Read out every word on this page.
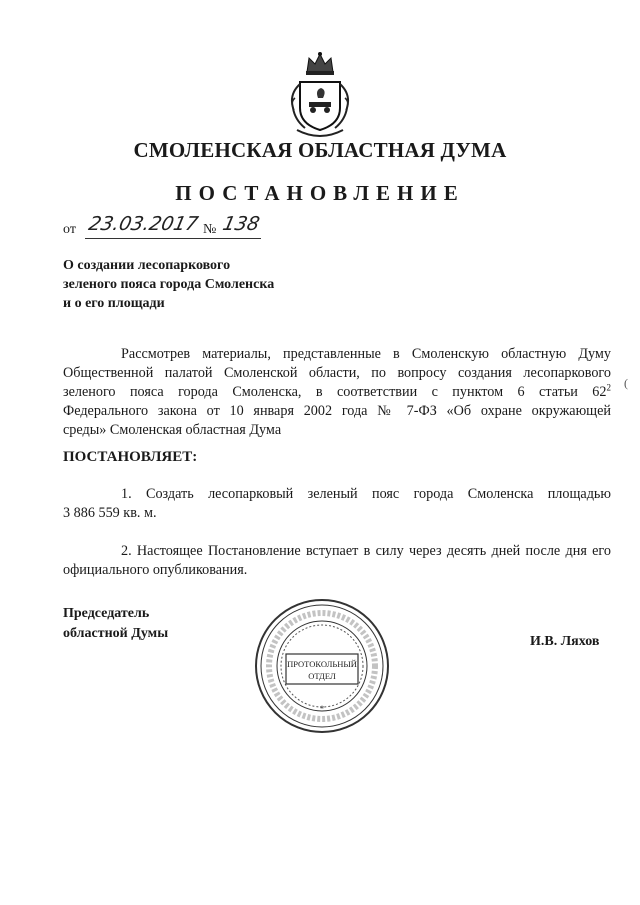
СМОЛЕНСКАЯ ОБЛАСТНАЯ ДУМА
ПОСТАНОВЛЕНИЕ
от 23.03.2017 № 138
О создании лесопаркового
зеленого пояса города Смоленска
и о его площади
Рассмотрев материалы, представленные в Смоленскую областную Думу
Общественной палатой Смоленской области, по вопросу создания лесопаркового
зеленого пояса города Смоленска, в соответствии с пунктом 6 статьи $62^2$
Федерального закона от 10 января 2002 года № 7-ФЗ «Об охране окружающей
среды» Смоленская областная Дума
ПОСТАНОВЛЯЕТ:
1. Создать лесопарковый зеленый пояс города Смоленска площадью
3 886 559 кв. м.
2. Настоящее Постановление вступает в силу через десять дней после дня его
официального опубликования.
Председатель
областной Думы
И.В. Ляхов
ПРОТОКОЛЬНЫЙ
ОТДЕЛ
*
(
